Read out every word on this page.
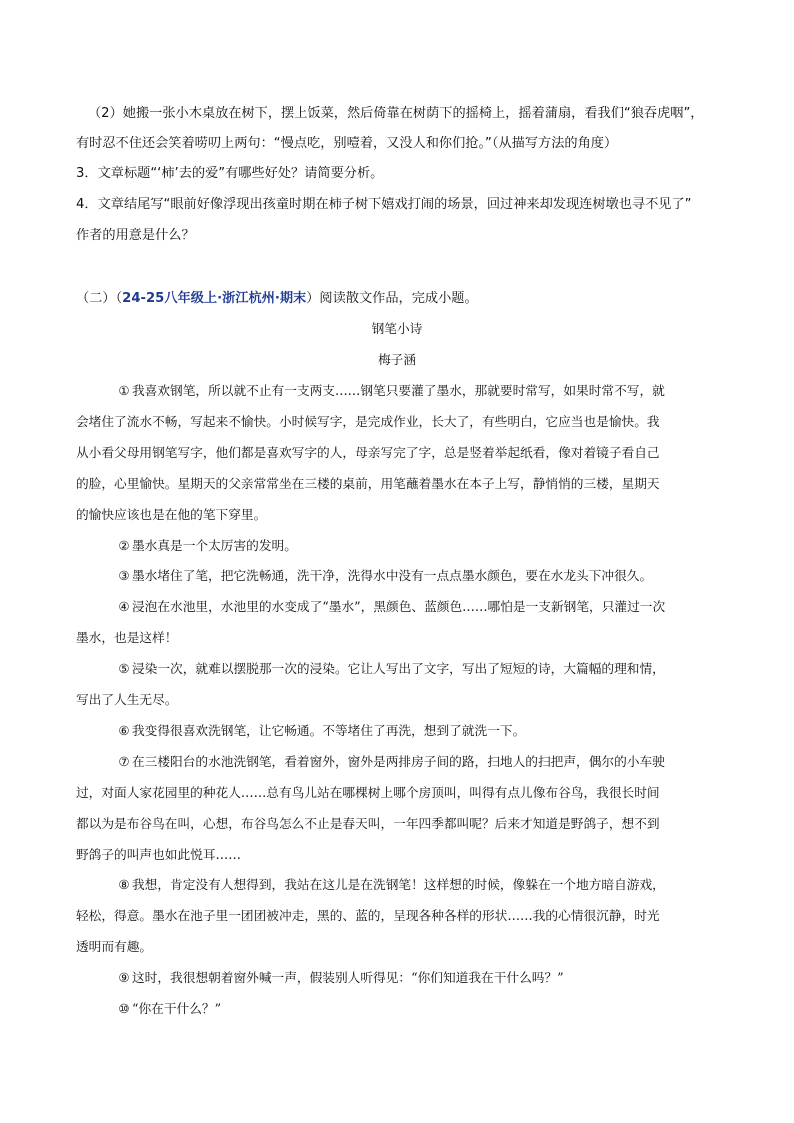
（2）她搬一张小木桌放在树下，摆上饭菜，然后倚靠在树荫下的摇椅上，摇着蒲扇，看我们“狼吞虎咽”，
有时忍不住还会笑着唠叨上两句：“慢点吃，别噎着，又没人和你们抢。”（从描写方法的角度）
3．文章标题“‘柿’去的爱”有哪些好处？请简要分析。
4．文章结尾写“眼前好像浮现出孩童时期在柿子树下嬉戏打闹的场景，回过神来却发现连树墩也寻不见了”
作者的用意是什么？
（二）（24-25八年级上·浙江杭州·期末）阅读散文作品，完成小题。
钢笔小诗
梅子涵
① 我喜欢钢笔，所以就不止有一支两支……钢笔只要灌了墨水，那就要时常写，如果时常不写，就
会堵住了流水不畅，写起来不愉快。小时候写字，是完成作业，长大了，有些明白，它应当也是愉快。我
从小看父母用钢笔写字，他们都是喜欢写字的人，母亲写完了字，总是竖着举起纸看，像对着镜子看自己
的脸，心里愉快。星期天的父亲常常坐在三楼的桌前，用笔蘸着墨水在本子上写，静悄悄的三楼，星期天
的愉快应该也是在他的笔下穿里。
② 墨水真是一个太厉害的发明。
③ 墨水堵住了笔，把它洗畅通，洗干净，洗得水中没有一点点墨水颜色，要在水龙头下冲很久。
④ 浸泡在水池里，水池里的水变成了“墨水”，黑颜色、蓝颜色……哪怕是一支新钢笔，只灌过一次
墨水，也是这样！
⑤ 浸染一次，就难以摆脱那一次的浸染。它让人写出了文字，写出了短短的诗，大篇幅的理和情，
写出了人生无尽。
⑥ 我变得很喜欢洗钢笔，让它畅通。不等堵住了再洗，想到了就洗一下。
⑦ 在三楼阳台的水池洗钢笔，看着窗外，窗外是两排房子间的路，扫地人的扫把声，偶尔的小车驶
过，对面人家花园里的种花人……总有鸟儿站在哪棵树上哪个房顶叫，叫得有点儿像布谷鸟，我很长时间
都以为是布谷鸟在叫，心想，布谷鸟怎么不止是春天叫，一年四季都叫呢？后来才知道是野鸽子，想不到
野鸽子的叫声也如此悦耳……
⑧ 我想，肯定没有人想得到，我站在这儿是在洗钢笔！这样想的时候，像躲在一个地方暗自游戏，
轻松，得意。墨水在池子里一团团被冲走，黑的、蓝的，呈现各种各样的形状……我的心情很沉静，时光
透明而有趣。
⑨ 这时，我很想朝着窗外喊一声，假装别人听得见：“你们知道我在干什么吗？”
⑩ “你在干什么？”
